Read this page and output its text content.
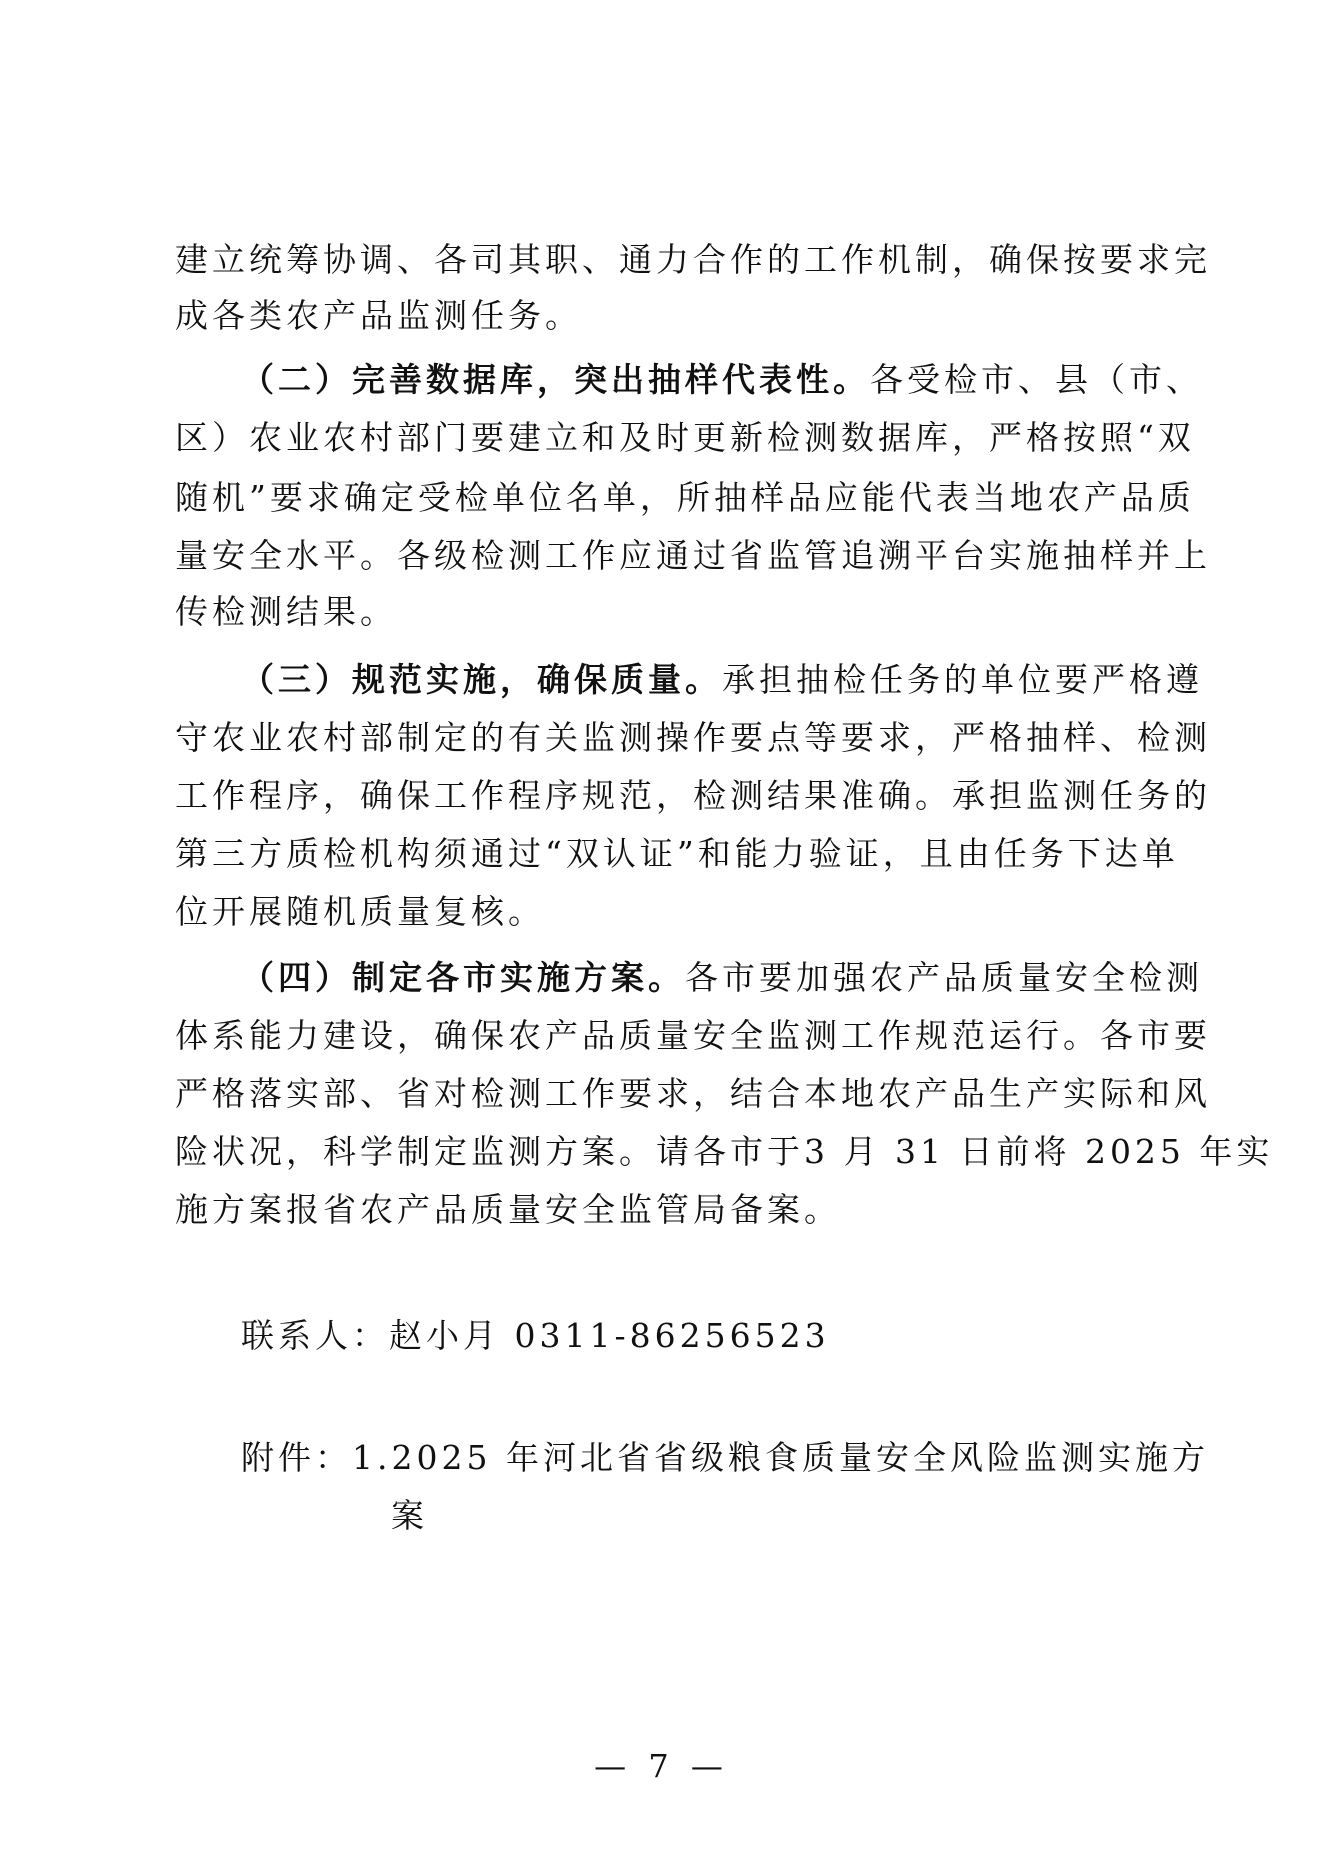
建立统筹协调、各司其职、通力合作的工作机制，确保按要求完
成各类农产品监测任务。
（二）完善数据库，突出抽样代表性。各受检市、县（市、
区）农业农村部门要建立和及时更新检测数据库，严格按照“双
随机”要求确定受检单位名单，所抽样品应能代表当地农产品质
量安全水平。各级检测工作应通过省监管追溯平台实施抽样并上
传检测结果。
（三）规范实施，确保质量。承担抽检任务的单位要严格遵
守农业农村部制定的有关监测操作要点等要求，严格抽样、检测
工作程序，确保工作程序规范，检测结果准确。承担监测任务的
第三方质检机构须通过“双认证”和能力验证，且由任务下达单
位开展随机质量复核。
（四）制定各市实施方案。各市要加强农产品质量安全检测
体系能力建设，确保农产品质量安全监测工作规范运行。各市要
严格落实部、省对检测工作要求，结合本地农产品生产实际和风
险状况，科学制定监测方案。请各市于3 月 31 日前将 2025 年实
施方案报省农产品质量安全监管局备案。
联系人：赵小月 0311-86256523
附件：1.2025 年河北省省级粮食质量安全风险监测实施方
案
— 7 —
